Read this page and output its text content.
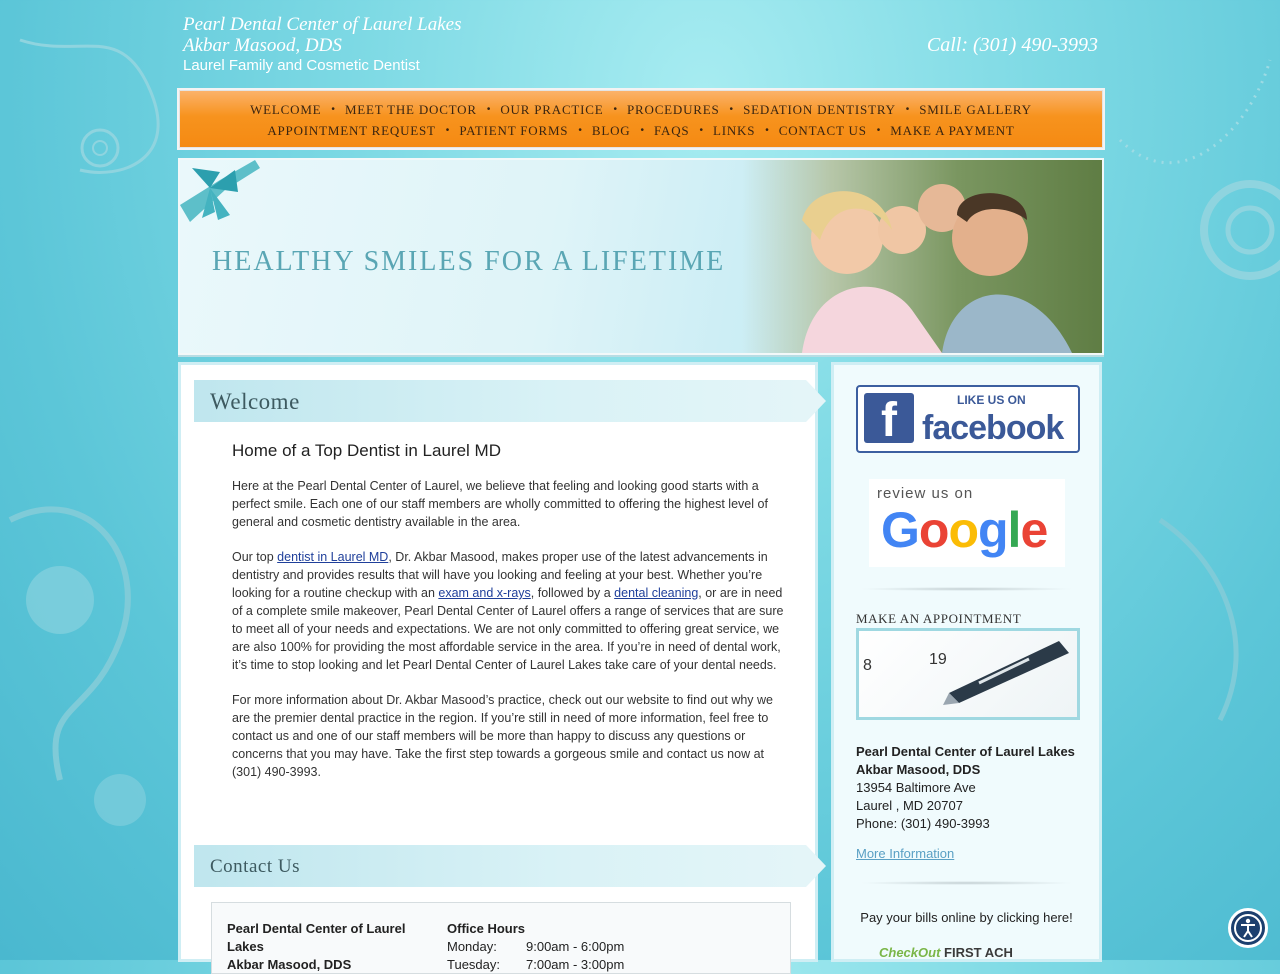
Pearl Dental Center of Laurel Lakes
Akbar Masood, DDS
Laurel Family and Cosmetic Dentist
Call: (301) 490-3993
WELCOME • MEET THE DOCTOR • OUR PRACTICE • PROCEDURES • SEDATION DENTISTRY • SMILE GALLERY
APPOINTMENT REQUEST • PATIENT FORMS • BLOG • FAQS • LINKS • CONTACT US • MAKE A PAYMENT
HEALTHY SMILES FOR A LIFETIME
Welcome
Home of a Top Dentist in Laurel MD

Here at the Pearl Dental Center of Laurel, we believe that feeling and looking good starts with a perfect smile. Each one of our staff members are wholly committed to offering the highest level of general and cosmetic dentistry available in the area.

Our top dentist in Laurel MD, Dr. Akbar Masood, makes proper use of the latest advancements in dentistry and provides results that will have you looking and feeling at your best. Whether you’re looking for a routine checkup with an exam and x-rays, followed by a dental cleaning, or are in need of a complete smile makeover, Pearl Dental Center of Laurel offers a range of services that are sure to meet all of your needs and expectations. We are not only committed to offering great service, we are also 100% for providing the most affordable service in the area. If you’re in need of dental work, it’s time to stop looking and let Pearl Dental Center of Laurel Lakes take care of your dental needs.

For more information about Dr. Akbar Masood’s practice, check out our website to find out why we are the premier dental practice in the region. If you’re still in need of more information, feel free to contact us and one of our staff members will be more than happy to discuss any questions or concerns that you may have. Take the first step towards a gorgeous smile and contact us now at (301) 490-3993.

Contact Us
Pearl Dental Center of Laurel Lakes
Akbar Masood, DDS
Office Hours
Monday:	9:00am - 6:00pm
Tuesday:	7:00am - 3:00pm
f	LIKE US ON
facebook
review us on
Google
MAKE AN APPOINTMENT
8	19
Pearl Dental Center of Laurel Lakes
Akbar Masood, DDS
13954 Baltimore Ave
Laurel , MD 20707
Phone: (301) 490-3993
More Information
Pay your bills online by clicking here!
CheckOut FIRST ACH
